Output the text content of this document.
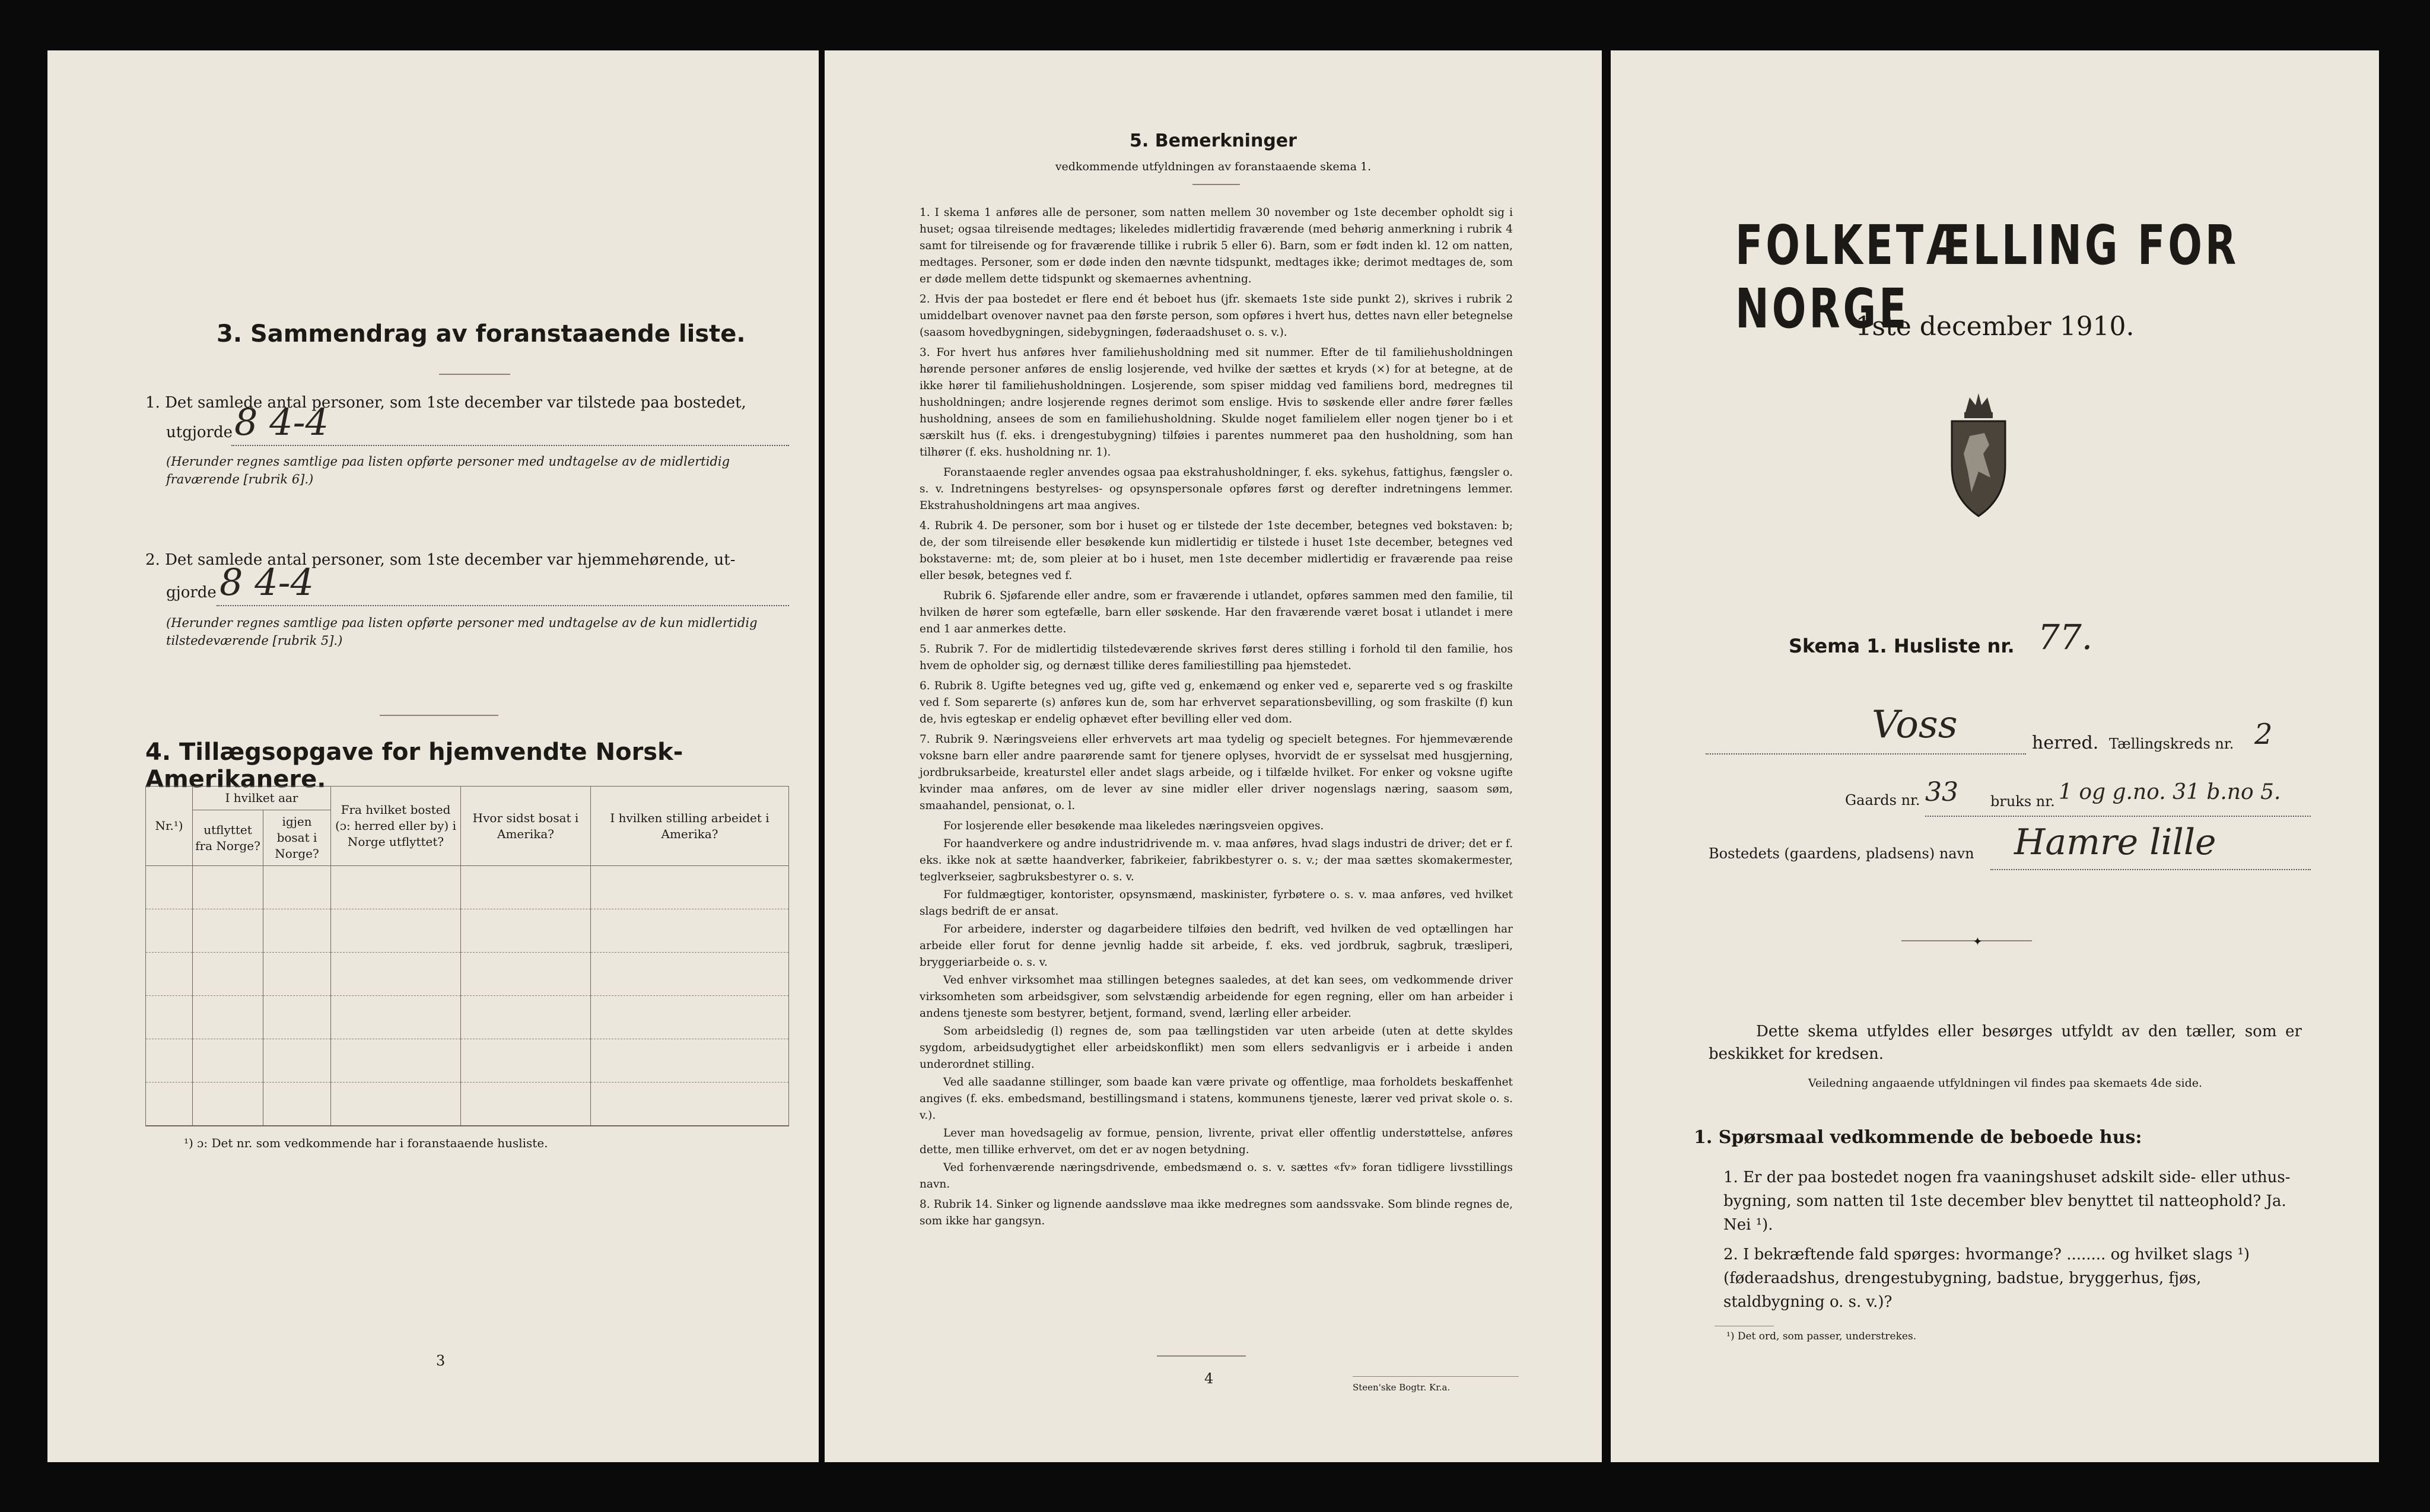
3. Sammendrag av foranstaaende liste.
1. Det samlede antal personer, som 1ste december var tilstede paa bostedet,
utgjorde 8 4-4
(Herunder regnes samtlige paa listen opførte personer med undtagelse av de midlertidig fraværende [rubrik 6].)
2. Det samlede antal personer, som 1ste december var hjemmehørende, ut-
gjorde 8 4-4
(Herunder regnes samtlige paa listen opførte personer med undtagelse av de kun midlertidig tilstedeværende [rubrik 5].)
4. Tillægsopgave for hjemvendte Norsk-Amerikanere.
Nr.¹)	I hvilket aar		Fra hvilket bosted (ɔ: herred eller by) i Norge utflyttet?	Hvor sidst bosat i Amerika?	I hvilken stilling arbeidet i Amerika?
	utflyttet fra Norge?	igjen bosat i Norge?			

¹) ɔ: Det nr. som vedkommende har i foranstaaende husliste.
3
5. Bemerkninger
vedkommende utfyldningen av foranstaaende skema 1.

1. I skema 1 anføres alle de personer, som natten mellem 30 november og 1ste december opholdt sig i huset; ogsaa tilreisende medtages; likeledes midlertidig fraværende (med behørig anmerkning i rubrik 4 samt for tilreisende og for fraværende tillike i rubrik 5 eller 6). Barn, som er født inden kl. 12 om natten, medtages. Personer, som er døde inden den nævnte tidspunkt, medtages ikke; derimot medtages de, som er døde mellem dette tidspunkt og skemaernes avhentning.

2. Hvis der paa bostedet er flere end ét beboet hus (jfr. skemaets 1ste side punkt 2), skrives i rubrik 2 umiddelbart ovenover navnet paa den første person, som opføres i hvert hus, dettes navn eller betegnelse (saasom hovedbygningen, sidebygningen, føderaadshuset o. s. v.).

3. For hvert hus anføres hver familiehusholdning med sit nummer. Efter de til familiehusholdningen hørende personer anføres de enslig losjerende, ved hvilke der sættes et kryds (×) for at betegne, at de ikke hører til familiehusholdningen. Losjerende, som spiser middag ved familiens bord, medregnes til husholdningen; andre losjerende regnes derimot som enslige. Hvis to søskende eller andre fører fælles husholdning, ansees de som en familiehusholdning. Skulde noget familielem eller nogen tjener bo i et særskilt hus (f. eks. i drengestubygning) tilføies i parentes nummeret paa den husholdning, som han tilhører (f. eks. husholdning nr. 1).

Foranstaaende regler anvendes ogsaa paa ekstrahusholdninger, f. eks. sykehus, fattighus, fængsler o. s. v. Indretningens bestyrelses- og opsynspersonale opføres først og derefter indretningens lemmer. Ekstrahusholdningens art maa angives.

4. Rubrik 4. De personer, som bor i huset og er tilstede der 1ste december, betegnes ved bokstaven: b; de, der som tilreisende eller besøkende kun midlertidig er tilstede i huset 1ste december, betegnes ved bokstaverne: mt; de, som pleier at bo i huset, men 1ste december midlertidig er fraværende paa reise eller besøk, betegnes ved f.

Rubrik 6. Sjøfarende eller andre, som er fraværende i utlandet, opføres sammen med den familie, til hvilken de hører som egtefælle, barn eller søskende. Har den fraværende været bosat i utlandet i mere end 1 aar anmerkes dette.

5. Rubrik 7. For de midlertidig tilstedeværende skrives først deres stilling i forhold til den familie, hos hvem de opholder sig, og dernæst tillike deres familiestilling paa hjemstedet.

6. Rubrik 8. Ugifte betegnes ved ug, gifte ved g, enkemænd og enker ved e, separerte ved s og fraskilte ved f. Som separerte (s) anføres kun de, som har erhvervet separationsbevilling, og som fraskilte (f) kun de, hvis egteskap er endelig ophævet efter bevilling eller ved dom.

7. Rubrik 9. Næringsveiens eller erhvervets art maa tydelig og specielt betegnes. For hjemmeværende voksne barn eller andre paarørende samt for tjenere oplyses, hvorvidt de er sysselsat med husgjerning, jordbruksarbeide, kreaturstel eller andet slags arbeide, og i tilfælde hvilket. For enker og voksne ugifte kvinder maa anføres, om de lever av sine midler eller driver nogenslags næring, saasom søm, smaahandel, pensionat, o. l.

For losjerende eller besøkende maa likeledes næringsveien opgives.

For haandverkere og andre industridrivende m. v. maa anføres, hvad slags industri de driver; det er f. eks. ikke nok at sætte haandverker, fabrikeier, fabrikbestyrer o. s. v.; der maa sættes skomakermester, teglverkseier, sagbruksbestyrer o. s. v.

For fuldmægtiger, kontorister, opsynsmænd, maskinister, fyrbøtere o. s. v. maa anføres, ved hvilket slags bedrift de er ansat.

For arbeidere, inderster og dagarbeidere tilføies den bedrift, ved hvilken de ved optællingen har arbeide eller forut for denne jevnlig hadde sit arbeide, f. eks. ved jordbruk, sagbruk, træsliperi, bryggeriarbeide o. s. v.

Ved enhver virksomhet maa stillingen betegnes saaledes, at det kan sees, om vedkommende driver virksomheten som arbeidsgiver, som selvstændig arbeidende for egen regning, eller om han arbeider i andens tjeneste som bestyrer, betjent, formand, svend, lærling eller arbeider.

Som arbeidsledig (l) regnes de, som paa tællingstiden var uten arbeide (uten at dette skyldes sygdom, arbeidsudygtighet eller arbeidskonflikt) men som ellers sedvanligvis er i arbeide i anden underordnet stilling.

Ved alle saadanne stillinger, som baade kan være private og offentlige, maa forholdets beskaffenhet angives (f. eks. embedsmand, bestillingsmand i statens, kommunens tjeneste, lærer ved privat skole o. s. v.).

Lever man hovedsagelig av formue, pension, livrente, privat eller offentlig understøttelse, anføres dette, men tillike erhvervet, om det er av nogen betydning.

Ved forhenværende næringsdrivende, embedsmænd o. s. v. sættes «fv» foran tidligere livsstillings navn.

8. Rubrik 14. Sinker og lignende aandssløve maa ikke medregnes som aandssvake. Som blinde regnes de, som ikke har gangsyn.

4
Steen'ske Bogtr. Kr.a.
FOLKETÆLLING FOR NORGE
1ste december 1910.
Skema 1. Husliste nr. 77.
Voss	herred. Tællingskreds nr. 2
Gaards nr. 33 bruks nr. 1 og g.no. 31 b.no 5.
Bostedets (gaardens, pladsens) navn Hamre lille
✦
Dette skema utfyldes eller besørges utfyldt av den tæller, som er beskikket for kredsen.
Veiledning angaaende utfyldningen vil findes paa skemaets 4de side.
1. Spørsmaal vedkommende de beboede hus:
1. Er der paa bostedet nogen fra vaaningshuset adskilt side- eller uthus-bygning, som natten til 1ste december blev benyttet til natteophold? Ja. Nei ¹).
2. I bekræftende fald spørges: hvormange? ........ og hvilket slags ¹) (føderaadshus, drengestubygning, badstue, bryggerhus, fjøs, staldbygning o. s. v.)?
¹) Det ord, som passer, understrekes.
